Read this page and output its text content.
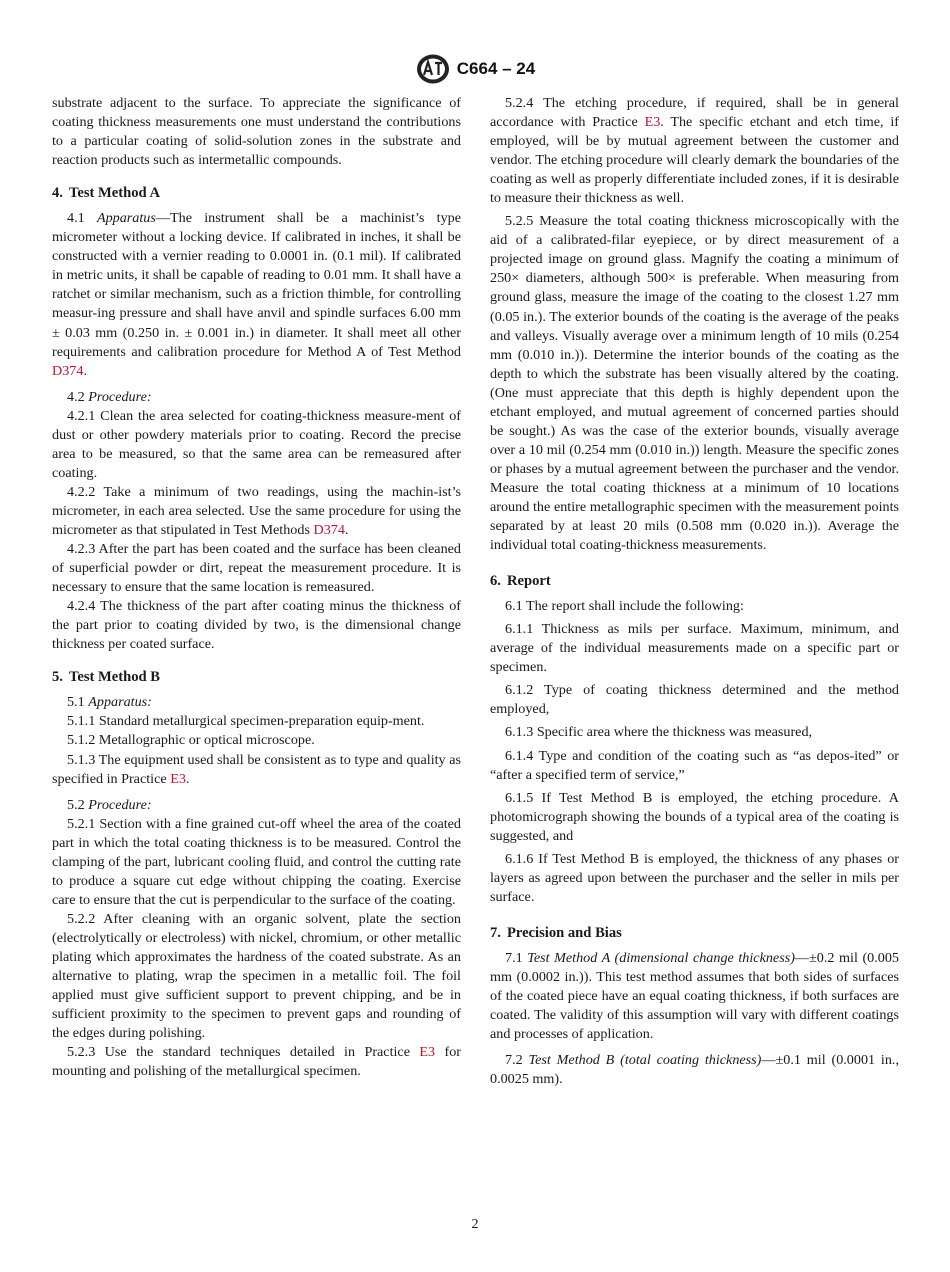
C664 – 24

substrate adjacent to the surface. To appreciate the significance of coating thickness measurements one must understand the contributions to a particular coating of solid-solution zones in the substrate and reaction products such as intermetallic compounds.

4. Test Method A

4.1 Apparatus—The instrument shall be a machinist’s type micrometer without a locking device. If calibrated in inches, it shall be constructed with a vernier reading to 0.0001 in. (0.1 mil). If calibrated in metric units, it shall be capable of reading to 0.01 mm. It shall have a ratchet or similar mechanism, such as a friction thimble, for controlling measur-ing pressure and shall have anvil and spindle surfaces 6.00 mm ± 0.03 mm (0.250 in. ± 0.001 in.) in diameter. It shall meet all other requirements and calibration procedure for Method A of Test Method D374.

4.2 Procedure:

4.2.1 Clean the area selected for coating-thickness measure-ment of dust or other powdery materials prior to coating. Record the precise area to be measured, so that the same area can be remeasured after coating.

4.2.2 Take a minimum of two readings, using the machin-ist’s micrometer, in each area selected. Use the same procedure for using the micrometer as that stipulated in Test Methods D374.

4.2.3 After the part has been coated and the surface has been cleaned of superficial powder or dirt, repeat the measurement procedure. It is necessary to ensure that the same location is remeasured.

4.2.4 The thickness of the part after coating minus the thickness of the part prior to coating divided by two, is the dimensional change thickness per coated surface.

5. Test Method B

5.1 Apparatus:

5.1.1 Standard metallurgical specimen-preparation equip-ment.

5.1.2 Metallographic or optical microscope.

5.1.3 The equipment used shall be consistent as to type and quality as specified in Practice E3.

5.2 Procedure:

5.2.1 Section with a fine grained cut-off wheel the area of the coated part in which the total coating thickness is to be measured. Control the clamping of the part, lubricant cooling fluid, and control the cutting rate to produce a square cut edge without chipping the coating. Exercise care to ensure that the cut is perpendicular to the surface of the coating.

5.2.2 After cleaning with an organic solvent, plate the section (electrolytically or electroless) with nickel, chromium, or other metallic plating which approximates the hardness of the coated substrate. As an alternative to plating, wrap the specimen in a metallic foil. The foil applied must give sufficient support to prevent chipping, and be in sufficient proximity to the specimen to prevent gaps and rounding of the edges during polishing.

5.2.3 Use the standard techniques detailed in Practice E3 for mounting and polishing of the metallurgical specimen.

5.2.4 The etching procedure, if required, shall be in general accordance with Practice E3. The specific etchant and etch time, if employed, will be by mutual agreement between the customer and vendor. The etching procedure will clearly demark the boundaries of the coating as well as properly differentiate included zones, if it is desirable to measure their thickness as well.

5.2.5 Measure the total coating thickness microscopically with the aid of a calibrated-filar eyepiece, or by direct measurement of a projected image on ground glass. Magnify the coating a minimum of 250× diameters, although 500× is preferable. When measuring from ground glass, measure the image of the coating to the closest 1.27 mm (0.05 in.). The exterior bounds of the coating is the average of the peaks and valleys. Visually average over a minimum length of 10 mils (0.254 mm (0.010 in.)). Determine the interior bounds of the coating as the depth to which the substrate has been visually altered by the coating. (One must appreciate that this depth is highly dependent upon the etchant employed, and mutual agreement of concerned parties should be sought.) As was the case of the exterior bounds, visually average over a 10 mil (0.254 mm (0.010 in.)) length. Measure the specific zones or phases by a mutual agreement between the purchaser and the vendor. Measure the total coating thickness at a minimum of 10 locations around the entire metallographic specimen with the measurement points separated by at least 20 mils (0.508 mm (0.020 in.)). Average the individual total coating-thickness measurements.

6. Report

6.1 The report shall include the following:

6.1.1 Thickness as mils per surface. Maximum, minimum, and average of the individual measurements made on a specific part or specimen.

6.1.2 Type of coating thickness determined and the method employed,

6.1.3 Specific area where the thickness was measured,

6.1.4 Type and condition of the coating such as “as depos-ited” or “after a specified term of service,”

6.1.5 If Test Method B is employed, the etching procedure. A photomicrograph showing the bounds of a typical area of the coating is suggested, and

6.1.6 If Test Method B is employed, the thickness of any phases or layers as agreed upon between the purchaser and the seller in mils per surface.

7. Precision and Bias

7.1 Test Method A (dimensional change thickness)—±0.2 mil (0.005 mm (0.0002 in.)). This test method assumes that both sides of surfaces of the coated piece have an equal coating thickness, if both surfaces are coated. The validity of this assumption will vary with different coatings and processes of application.

7.2 Test Method B (total coating thickness)—±0.1 mil (0.0001 in., 0.0025 mm).

2
